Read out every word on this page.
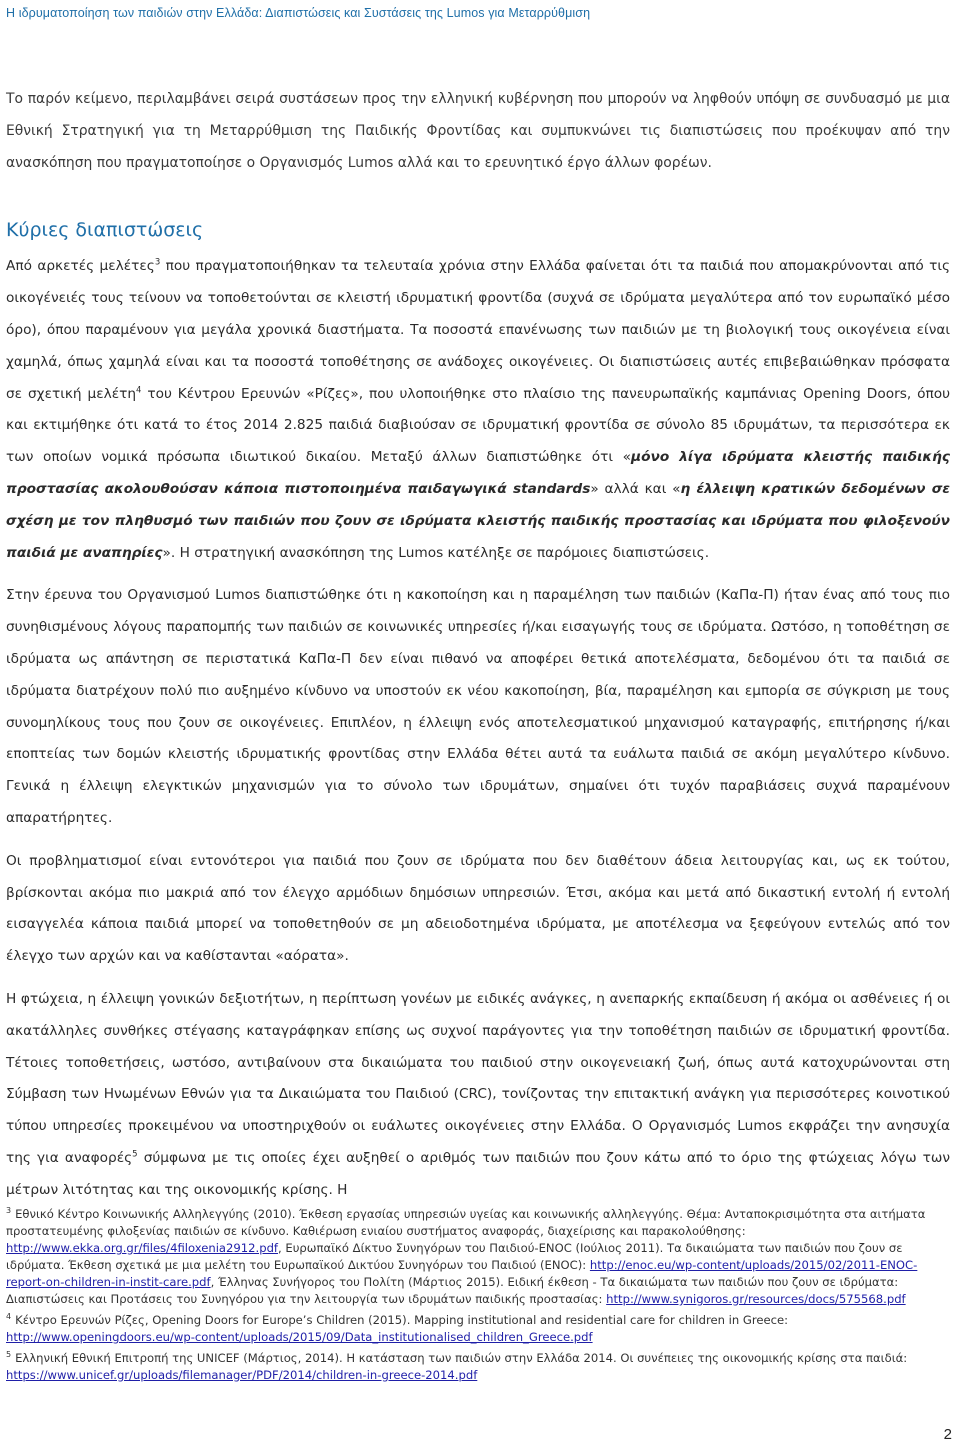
Η ιδρυματοποίηση των παιδιών στην Ελλάδα: Διαπιστώσεις και Συστάσεις της Lumos για Μεταρρύθμιση

Το παρόν κείμενο, περιλαμβάνει σειρά συστάσεων προς την ελληνική κυβέρνηση που μπορούν να ληφθούν υπόψη σε συνδυασμό με μια Εθνική Στρατηγική για τη Μεταρρύθμιση της Παιδικής Φροντίδας και συμπυκνώνει τις διαπιστώσεις που προέκυψαν από την ανασκόπηση που πραγματοποίησε ο Οργανισμός Lumos αλλά και το ερευνητικό έργο άλλων φορέων.

Κύριες διαπιστώσεις

Από αρκετές μελέτες$^3$ που πραγματοποιήθηκαν τα τελευταία χρόνια στην Ελλάδα φαίνεται ότι τα παιδιά που απομακρύνονται από τις οικογένειές τους τείνουν να τοποθετούνται σε κλειστή ιδρυματική φροντίδα (συχνά σε ιδρύματα μεγαλύτερα από τον ευρωπαϊκό μέσο όρο), όπου παραμένουν για μεγάλα χρονικά διαστήματα. Τα ποσοστά επανένωσης των παιδιών με τη βιολογική τους οικογένεια είναι χαμηλά, όπως χαμηλά είναι και τα ποσοστά τοποθέτησης σε ανάδοχες οικογένειες. Οι διαπιστώσεις αυτές επιβεβαιώθηκαν πρόσφατα σε σχετική μελέτη$^4$ του Κέντρου Ερευνών «Ρίζες», που υλοποιήθηκε στο πλαίσιο της πανευρωπαϊκής καμπάνιας Opening Doors, όπου και εκτιμήθηκε ότι κατά το έτος 2014 2.825 παιδιά διαβιούσαν σε ιδρυματική φροντίδα σε σύνολο 85 ιδρυμάτων, τα περισσότερα εκ των οποίων νομικά πρόσωπα ιδιωτικού δικαίου. Μεταξύ άλλων διαπιστώθηκε ότι «μόνο λίγα ιδρύματα κλειστής παιδικής προστασίας ακολουθούσαν κάποια πιστοποιημένα παιδαγωγικά standards» αλλά και «η έλλειψη κρατικών δεδομένων σε σχέση με τον πληθυσμό των παιδιών που ζουν σε ιδρύματα κλειστής παιδικής προστασίας και ιδρύματα που φιλοξενούν παιδιά με αναπηρίες». Η στρατηγική ανασκόπηση της Lumos κατέληξε σε παρόμοιες διαπιστώσεις.

Στην έρευνα του Οργανισμού Lumos διαπιστώθηκε ότι η κακοποίηση και η παραμέληση των παιδιών (ΚαΠα-Π) ήταν ένας από τους πιο συνηθισμένους λόγους παραπομπής των παιδιών σε κοινωνικές υπηρεσίες ή/και εισαγωγής τους σε ιδρύματα. Ωστόσο, η τοποθέτηση σε ιδρύματα ως απάντηση σε περιστατικά ΚαΠα-Π δεν είναι πιθανό να αποφέρει θετικά αποτελέσματα, δεδομένου ότι τα παιδιά σε ιδρύματα διατρέχουν πολύ πιο αυξημένο κίνδυνο να υποστούν εκ νέου κακοποίηση, βία, παραμέληση και εμπορία σε σύγκριση με τους συνομηλίκους τους που ζουν σε οικογένειες. Επιπλέον, η έλλειψη ενός αποτελεσματικού μηχανισμού καταγραφής, επιτήρησης ή/και εποπτείας των δομών κλειστής ιδρυματικής φροντίδας στην Ελλάδα θέτει αυτά τα ευάλωτα παιδιά σε ακόμη μεγαλύτερο κίνδυνο. Γενικά η έλλειψη ελεγκτικών μηχανισμών για το σύνολο των ιδρυμάτων, σημαίνει ότι τυχόν παραβιάσεις συχνά παραμένουν απαρατήρητες.

Οι προβληματισμοί είναι εντονότεροι για παιδιά που ζουν σε ιδρύματα που δεν διαθέτουν άδεια λειτουργίας και, ως εκ τούτου, βρίσκονται ακόμα πιο μακριά από τον έλεγχο αρμόδιων δημόσιων υπηρεσιών. Έτσι, ακόμα και μετά από δικαστική εντολή ή εντολή εισαγγελέα κάποια παιδιά μπορεί να τοποθετηθούν σε μη αδειοδοτημένα ιδρύματα, με αποτέλεσμα να ξεφεύγουν εντελώς από τον έλεγχο των αρχών και να καθίστανται «αόρατα».

Η φτώχεια, η έλλειψη γονικών δεξιοτήτων, η περίπτωση γονέων με ειδικές ανάγκες, η ανεπαρκής εκπαίδευση ή ακόμα οι ασθένειες ή οι ακατάλληλες συνθήκες στέγασης καταγράφηκαν επίσης ως συχνοί παράγοντες για την τοποθέτηση παιδιών σε ιδρυματική φροντίδα. Τέτοιες τοποθετήσεις, ωστόσο, αντιβαίνουν στα δικαιώματα του παιδιού στην οικογενειακή ζωή, όπως αυτά κατοχυρώνονται στη Σύμβαση των Ηνωμένων Εθνών για τα Δικαιώματα του Παιδιού (CRC), τονίζοντας την επιτακτική ανάγκη για περισσότερες κοινοτικού τύπου υπηρεσίες προκειμένου να υποστηριχθούν οι ευάλωτες οικογένειες στην Ελλάδα. Ο Οργανισμός Lumos εκφράζει την ανησυχία της για αναφορές$^5$ σύμφωνα με τις οποίες έχει αυξηθεί ο αριθμός των παιδιών που ζουν κάτω από το όριο της φτώχειας λόγω των μέτρων λιτότητας και της οικονομικής κρίσης. Η

$^3$ Εθνικό Κέντρο Κοινωνικής Αλληλεγγύης (2010). Έκθεση εργασίας υπηρεσιών υγείας και κοινωνικής αλληλεγγύης. Θέμα: Ανταποκρισιμότητα στα αιτήματα προστατευμένης φιλοξενίας παιδιών σε κίνδυνο. Καθιέρωση ενιαίου συστήματος αναφοράς, διαχείρισης και παρακολούθησης: http://www.ekka.org.gr/files/4filoxenia2912.pdf, Ευρωπαϊκό Δίκτυο Συνηγόρων του Παιδιού-ENOC (Ιούλιος 2011). Τα δικαιώματα των παιδιών που ζουν σε ιδρύματα. Έκθεση σχετικά με μια μελέτη του Ευρωπαϊκού Δικτύου Συνηγόρων του Παιδιού (ENOC): http://enoc.eu/wp-content/uploads/2015/02/2011-ENOC-report-on-children-in-instit-care.pdf, Έλληνας Συνήγορος του Πολίτη (Μάρτιος 2015). Ειδική έκθεση - Τα δικαιώματα των παιδιών που ζουν σε ιδρύματα: Διαπιστώσεις και Προτάσεις του Συνηγόρου για την λειτουργία των ιδρυμάτων παιδικής προστασίας: http://www.synigoros.gr/resources/docs/575568.pdf

$^4$ Κέντρο Ερευνών Ρίζες, Opening Doors for Europe’s Children (2015). Mapping institutional and residential care for children in Greece: http://www.openingdoors.eu/wp-content/uploads/2015/09/Data_institutionalised_children_Greece.pdf

$^5$ Ελληνική Εθνική Επιτροπή της UNICEF (Μάρτιος, 2014). Η κατάσταση των παιδιών στην Ελλάδα 2014. Οι συνέπειες της οικονομικής κρίσης στα παιδιά: https://www.unicef.gr/uploads/filemanager/PDF/2014/children-in-greece-2014.pdf

2
